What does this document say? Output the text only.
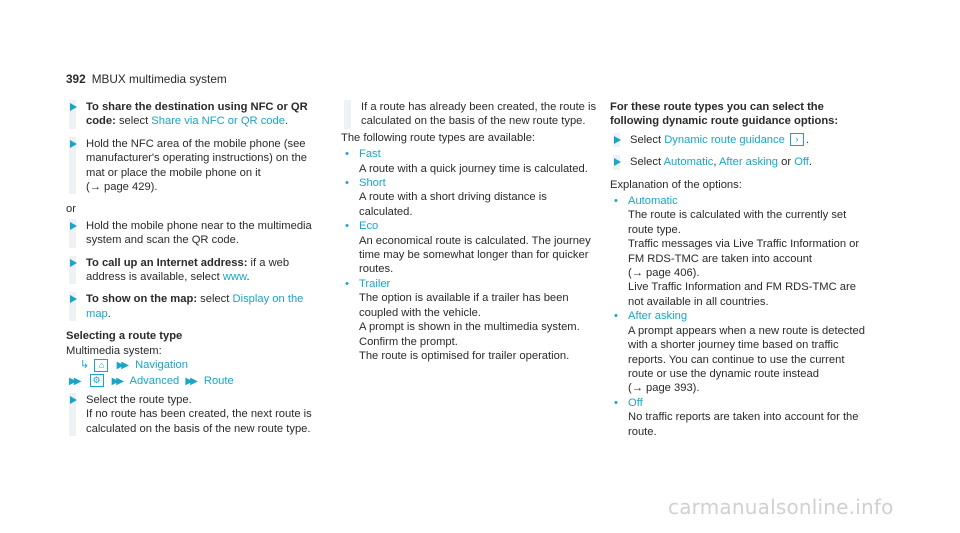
392 MBUX multimedia system
To share the destination using NFC or QR code: select Share via NFC or QR code.
Hold the NFC area of the mobile phone (see manufacturer's operating instructions) on the mat or place the mobile phone on it
(→ page 429).
or
Hold the mobile phone near to the multimedia system and scan the QR code.
To call up an Internet address: if a web address is available, select www.
To show on the map: select Display on the map.
Selecting a route type
Multimedia system:
↳ ⌂ ▶▶ Navigation
▶▶ ⚙ ▶▶ Advanced ▶▶ Route
Select the route type.
If no route has been created, the next route is calculated on the basis of the new route type.
If a route has already been created, the route is calculated on the basis of the new route type.
The following route types are available:
• Fast
A route with a quick journey time is calculated.
• Short
A route with a short driving distance is calculated.
• Eco
An economical route is calculated. The journey time may be somewhat longer than for quicker routes.
• Trailer
The option is available if a trailer has been coupled with the vehicle.
A prompt is shown in the multimedia system. Confirm the prompt.
The route is optimised for trailer operation.
For these route types you can select the following dynamic route guidance options:
Select Dynamic route guidance › .
Select Automatic, After asking or Off.
Explanation of the options:
• Automatic
The route is calculated with the currently set route type.
Traffic messages via Live Traffic Information or FM RDS-TMC are taken into account
(→ page 406).
Live Traffic Information and FM RDS-TMC are not available in all countries.
• After asking
A prompt appears when a new route is detected with a shorter journey time based on traffic reports. You can continue to use the current route or use the dynamic route instead
(→ page 393).
• Off
No traffic reports are taken into account for the route.
carmanualsonline.info
